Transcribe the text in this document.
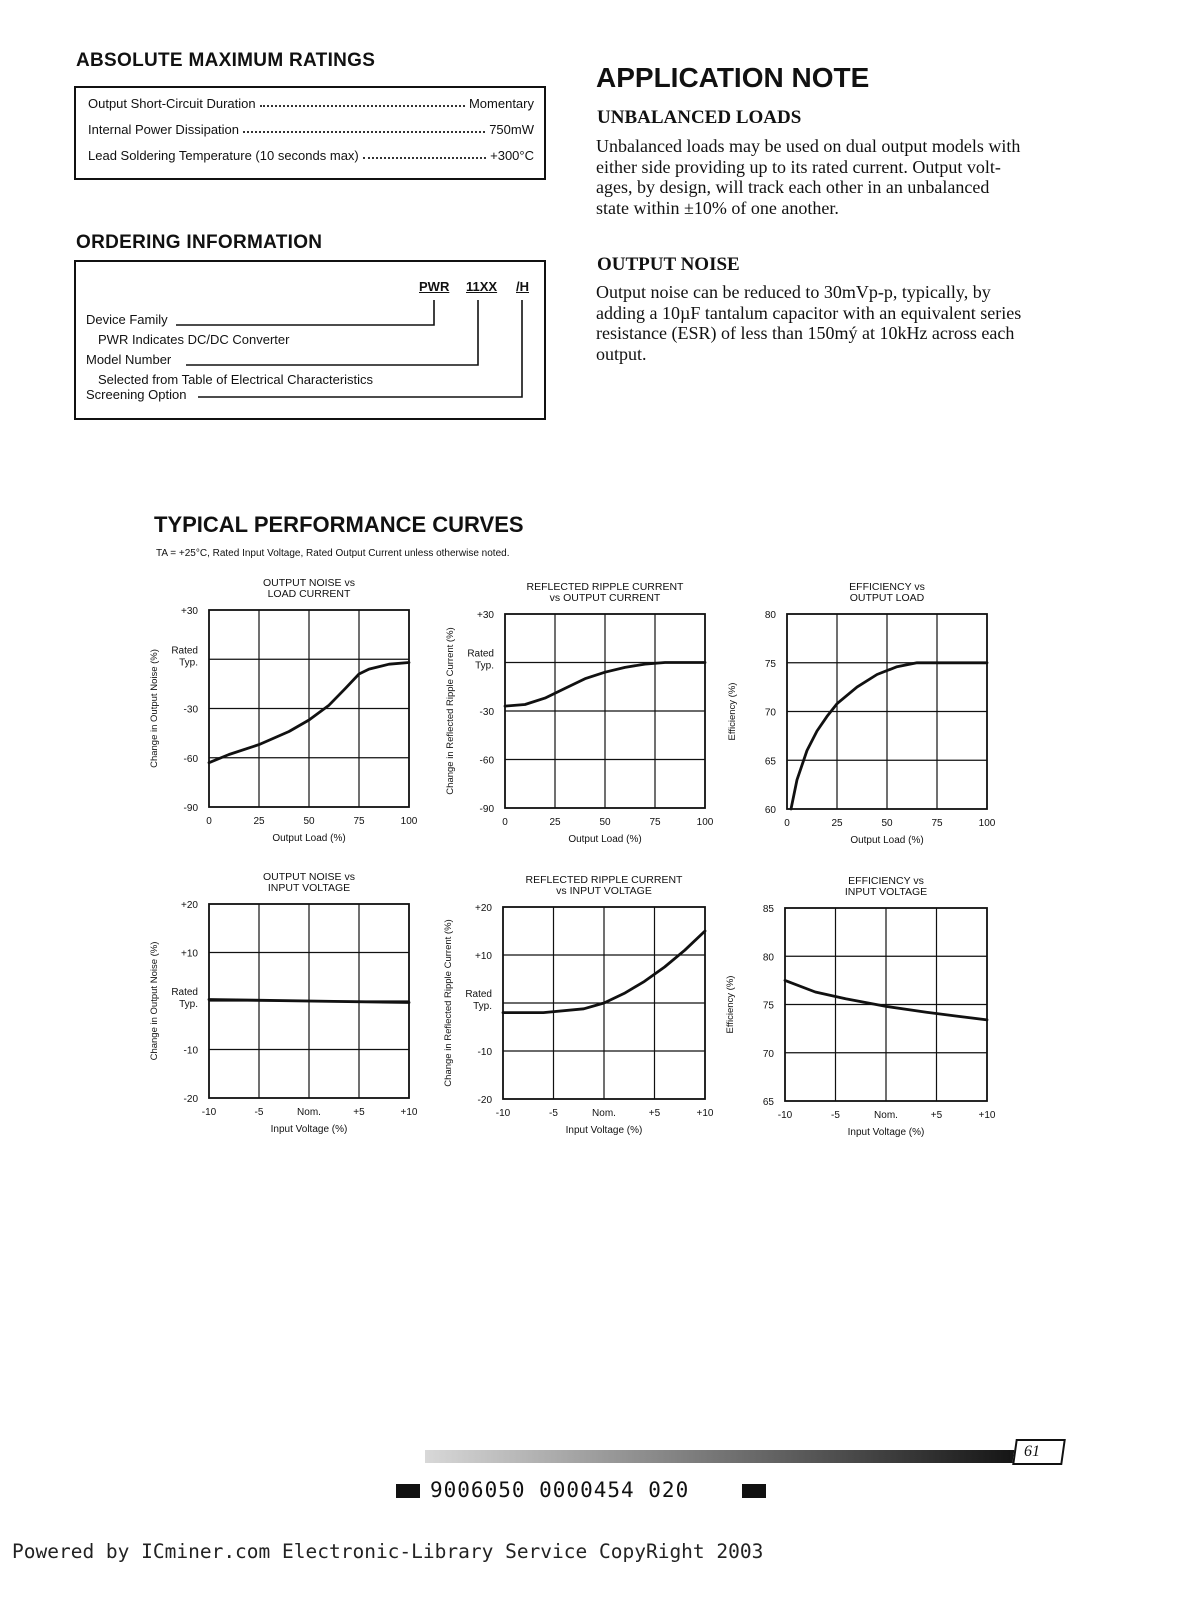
ABSOLUTE MAXIMUM RATINGS
Output Short-Circuit Duration	Momentary
Internal Power Dissipation	750mW
Lead Soldering Temperature (10 seconds max)	+300°C
ORDERING INFORMATION
PWR 11XX /H
Device Family
PWR Indicates DC/DC Converter
Model Number
Selected from Table of Electrical Characteristics
Screening Option
APPLICATION NOTE
UNBALANCED LOADS
Unbalanced loads may be used on dual output models with
either side providing up to its rated current. Output volt-
ages, by design, will track each other in an unbalanced
state within ±10% of one another.
OUTPUT NOISE
Output noise can be reduced to 30mVp-p, typically, by
adding a 10µF tantalum capacitor with an equivalent series
resistance (ESR) of less than 150mý at 10kHz across each
output.
TYPICAL PERFORMANCE CURVES
TA = +25°C, Rated Input Voltage, Rated Output Current unless otherwise noted.
OUTPUT NOISE vs
LOAD CURRENT
0	25	50	75	100
Output Load (%)
+30
Rated
Typ.
-30
-60
-90
Change in Output Noise (%)
REFLECTED RIPPLE CURRENT
vs OUTPUT CURRENT
0	25	50	75	100
Output Load (%)
+30
Rated
Typ.
-30
-60
-90
Change in Reflected Ripple Current (%)
EFFICIENCY vs
OUTPUT LOAD
0	25	50	75	100
Output Load (%)
80
75
70
65
60
Efficiency (%)
OUTPUT NOISE vs
INPUT VOLTAGE
-10	-5	Nom.	+5	+10
Input Voltage (%)
+20
+10
Rated
Typ.
-10
-20
Change in Output Noise (%)
REFLECTED RIPPLE CURRENT
vs INPUT VOLTAGE
-10	-5	Nom.	+5	+10
Input Voltage (%)
+20
+10
Rated
Typ.
-10
-20
Change in Reflected Ripple Current (%)
EFFICIENCY vs
INPUT VOLTAGE
-10	-5	Nom.	+5	+10
Input Voltage (%)
85
80
75
70
65
Efficiency (%)
61
9006050 0000454 020
Powered by ICminer.com Electronic-Library Service CopyRight 2003
